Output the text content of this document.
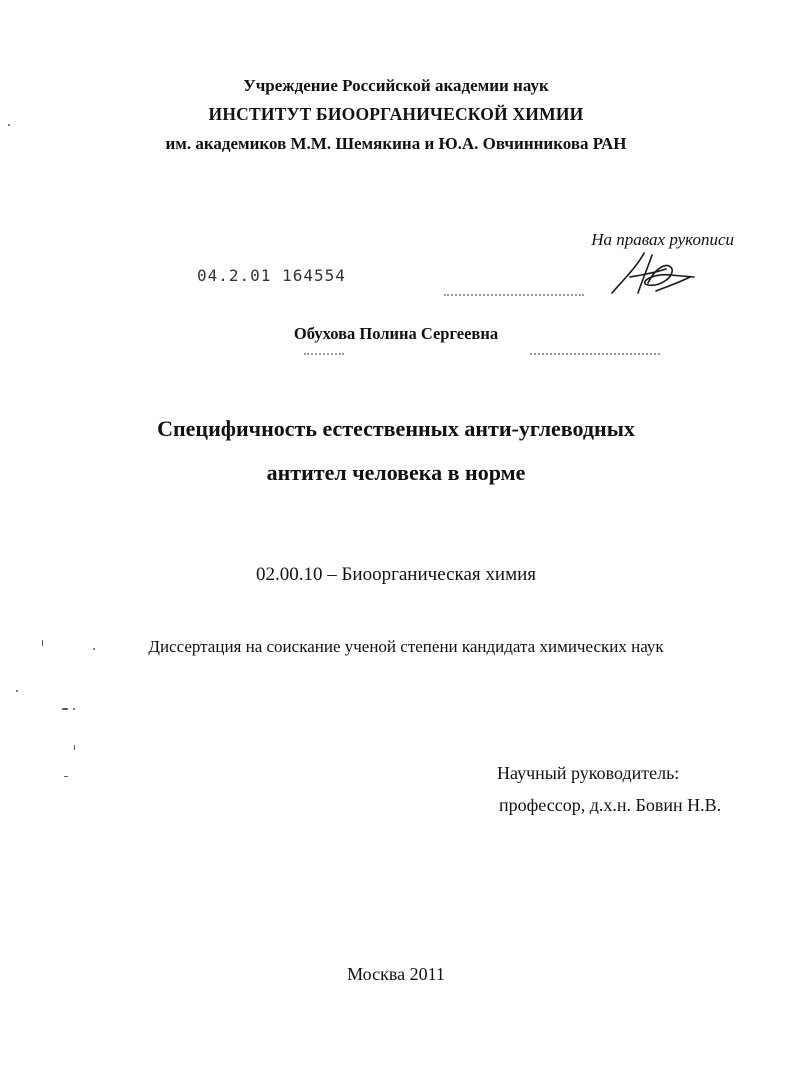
Учреждение Российской академии наук
ИНСТИТУТ БИООРГАНИЧЕСКОЙ ХИМИИ
им. академиков М.М. Шемякина и Ю.А. Овчинникова РАН
На правах рукописи
04.2.01 164554
Обухова Полина Сергеевна
Специфичность естественных анти-углеводных
антител человека в норме
02.00.10 – Биоорганическая химия
Диссертация на соискание ученой степени кандидата химических наук
Научный руководитель:
профессор, д.х.н. Бовин Н.В.
Москва 2011
